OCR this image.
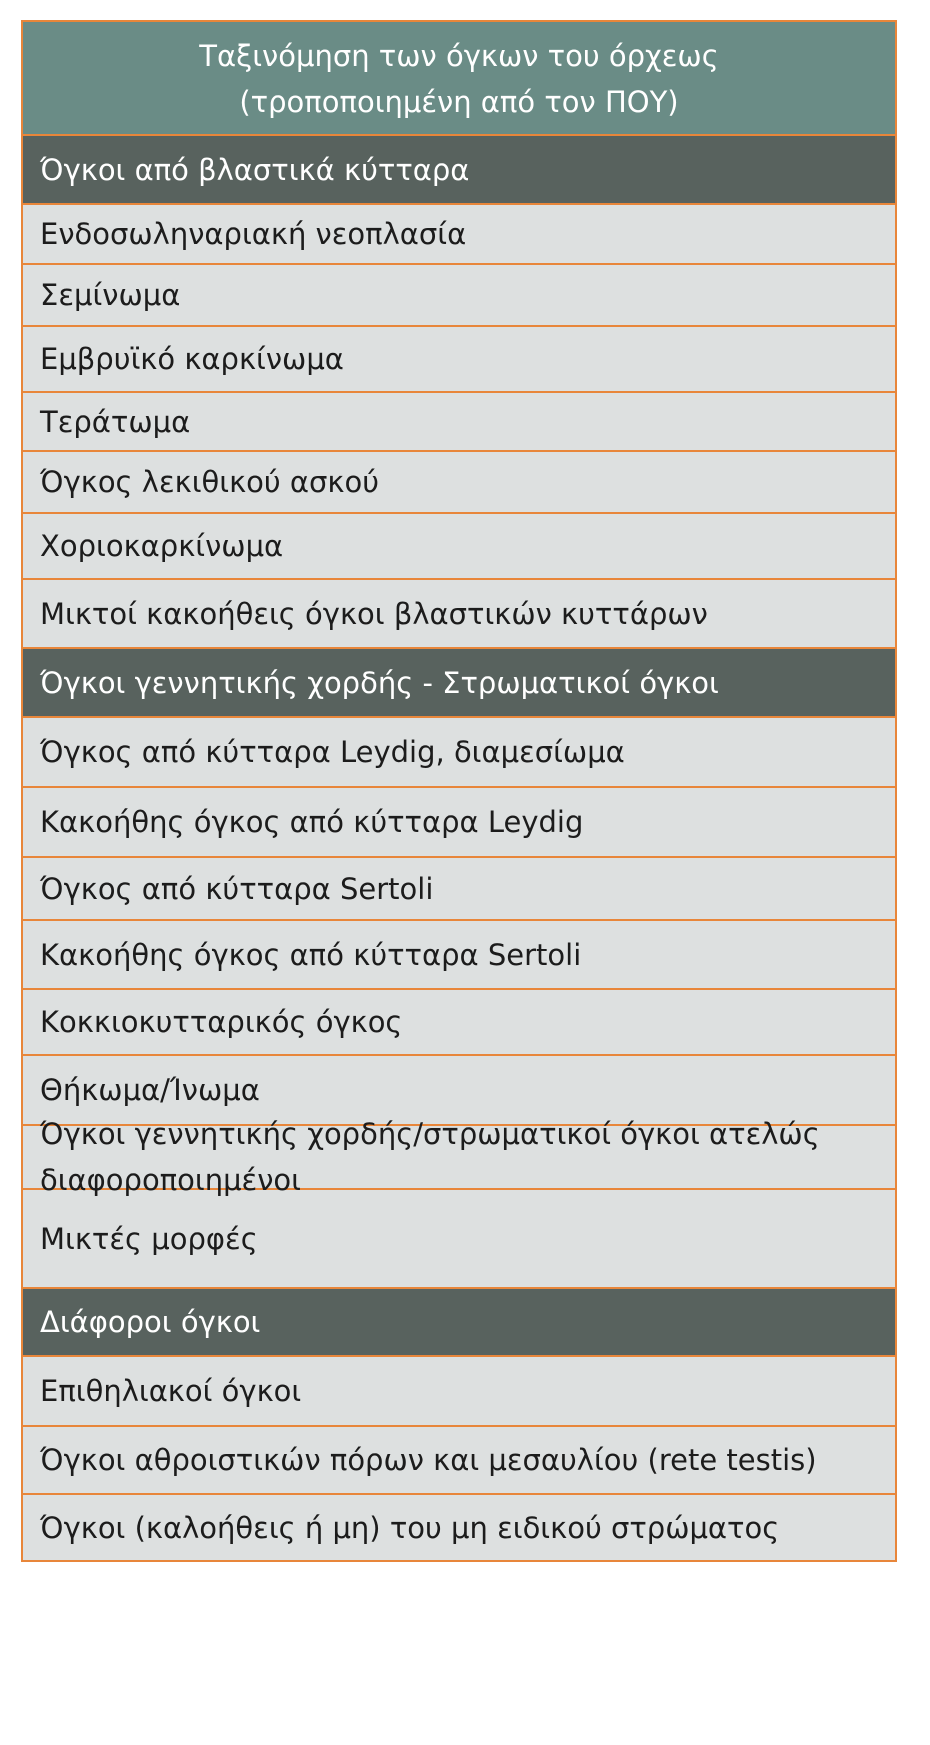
Ταξινόμηση των όγκων του όρχεως
(τροποποιημένη από τον ΠΟΥ)
Όγκοι από βλαστικά κύτταρα
Ενδοσωληναριακή νεοπλασία
Σεμίνωμα
Εμβρυϊκό καρκίνωμα
Τεράτωμα
Όγκος λεκιθικού ασκού
Χοριοκαρκίνωμα
Μικτοί κακοήθεις όγκοι βλαστικών κυττάρων
Όγκοι γεννητικής χορδής - Στρωματικοί όγκοι
Όγκος από κύτταρα Leydig, διαμεσίωμα
Κακοήθης όγκος από κύτταρα Leydig
Όγκος από κύτταρα Sertoli
Κακοήθης όγκος από κύτταρα Sertoli
Κοκκιοκυτταρικός όγκος
Θήκωμα/Ίνωμα
Όγκοι γεννητικής χορδής/στρωματικοί όγκοι ατελώς διαφοροποιημένοι
Μικτές μορφές
Διάφοροι όγκοι
Επιθηλιακοί όγκοι
Όγκοι αθροιστικών πόρων και μεσαυλίου (rete testis)
Όγκοι (καλοήθεις ή μη) του μη ειδικού στρώματος
